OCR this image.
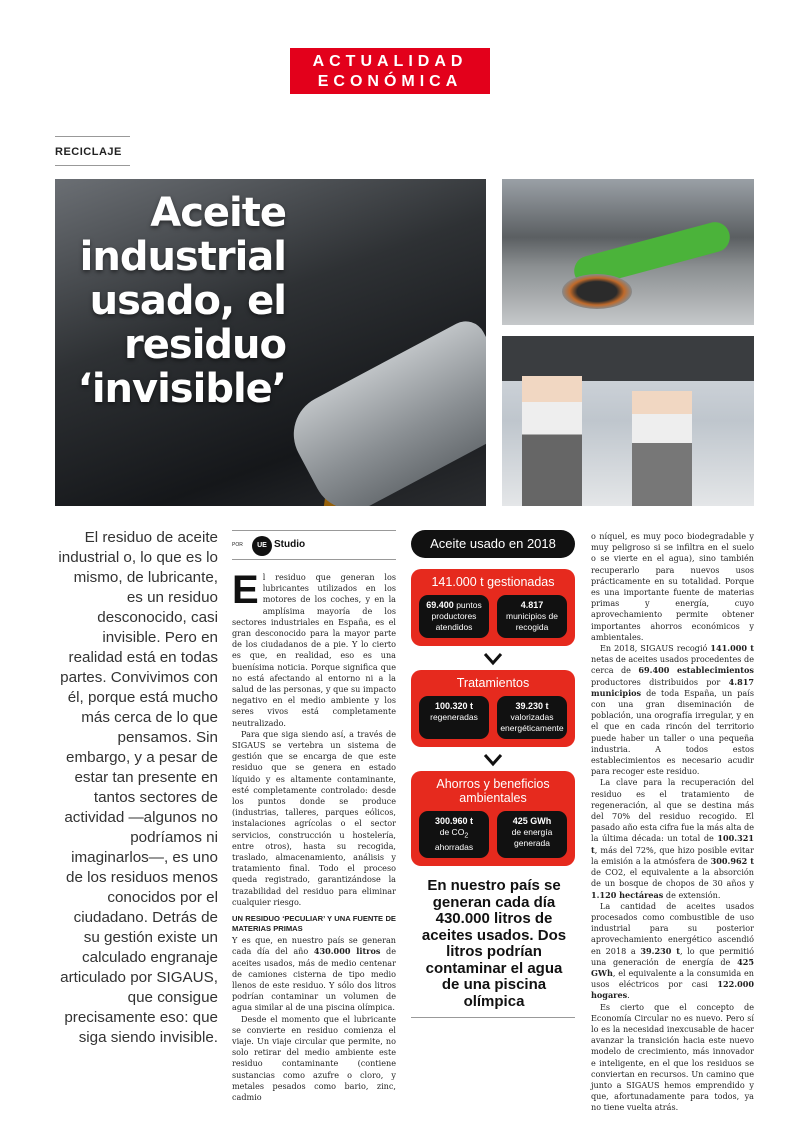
ACTUALIDAD
ECONÓMICA
RECICLAJE
Aceite industrial usado, el residuo ‘invisible’

El residuo de aceite industrial o, lo que es lo mismo, de lubricante, es un residuo desconocido, casi invisible. Pero en realidad está en todas partes. Convivimos con él, porque está mucho más cerca de lo que pensamos. Sin embargo, y a pesar de estar tan presente en tantos sectores de actividad —algunos no podríamos ni imaginarlos—, es uno de los residuos menos conocidos por el ciudadano. Detrás de su gestión existe un calculado engranaje articulado por SIGAUS, que consigue precisamente eso: que siga siendo invisible.

POR	UE Studio

El residuo que generan los lubricantes utilizados en los motores de los coches, y en la amplísima mayoría de los sectores industriales en España, es el gran desconocido para la mayor parte de los ciudadanos de a pie. Y lo cierto es que, en realidad, eso es una buenísima noticia. Porque significa que no está afectando al entorno ni a la salud de las personas, y que su impacto negativo en el medio ambiente y los seres vivos está completamente neutralizado.

Para que siga siendo así, a través de SIGAUS se vertebra un sistema de gestión que se encarga de que este residuo que se genera en estado líquido y es altamente contaminante, esté completamente controlado: desde los puntos donde se produce (industrias, talleres, parques eólicos, instalaciones agrícolas o el sector servicios, construcción u hostelería, entre otros), hasta su recogida, traslado, almacenamiento, análisis y tratamiento final. Todo el proceso queda registrado, garantizándose la trazabilidad del residuo para eliminar cualquier riesgo.

UN RESIDUO ‘PECULIAR’ Y UNA FUENTE DE MATERIAS PRIMAS

Y es que, en nuestro país se generan cada día del año 430.000 litros de aceites usados, más de medio centenar de camiones cisterna de tipo medio llenos de este residuo. Y sólo dos litros podrían contaminar un volumen de agua similar al de una piscina olímpica.

Desde el momento que el lubricante se convierte en residuo comienza el viaje. Un viaje circular que permite, no solo retirar del medio ambiente este residuo contaminante (contiene sustancias como azufre o cloro, y metales pesados como bario, zinc, cadmio

Aceite usado en 2018
141.000 t gestionadas
69.400 puntos productores atendidos
4.817
municipios de recogida
Tratamientos
100.320 t
regeneradas
39.230 t
valorizadas energéticamente
Ahorros y beneficios ambientales
300.960 t
de $CO_2$
ahorradas
425 GWh
de energía generada
En nuestro país se generan cada día 430.000 litros de aceites usados. Dos litros podrían contaminar el agua de una piscina olímpica

o níquel, es muy poco biodegradable y muy peligroso si se infiltra en el suelo o se vierte en el agua), sino también recuperarlo para nuevos usos prácticamente en su totalidad. Porque es una importante fuente de materias primas y energía, cuyo aprovechamiento permite obtener importantes ahorros económicos y ambientales.

En 2018, SIGAUS recogió 141.000 t netas de aceites usados procedentes de cerca de 69.400 establecimientos productores distribuidos por 4.817 municipios de toda España, un país con una gran diseminación de población, una orografía irregular, y en el que en cada rincón del territorio puede haber un taller o una pequeña industria. A todos estos establecimientos es necesario acudir para recoger este residuo.

La clave para la recuperación del residuo es el tratamiento de regeneración, al que se destina más del 70% del residuo recogido. El pasado año esta cifra fue la más alta de la última década: un total de 100.321 t, más del 72%, que hizo posible evitar la emisión a la atmósfera de 300.962 t de CO2, el equivalente a la absorción de un bosque de chopos de 30 años y 1.120 hectáreas de extensión.

La cantidad de aceites usados procesados como combustible de uso industrial para su posterior aprovechamiento energético ascendió en 2018 a 39.230 t, lo que permitió una generación de energía de 425 GWh, el equivalente a la consumida en usos eléctricos por casi 122.000 hogares.

Es cierto que el concepto de Economía Circular no es nuevo. Pero sí lo es la necesidad inexcusable de hacer avanzar la transición hacia este nuevo modelo de crecimiento, más innovador e inteligente, en el que los residuos se conviertan en recursos. Un camino que junto a SIGAUS hemos emprendido y que, afortunadamente para todos, ya no tiene vuelta atrás.
